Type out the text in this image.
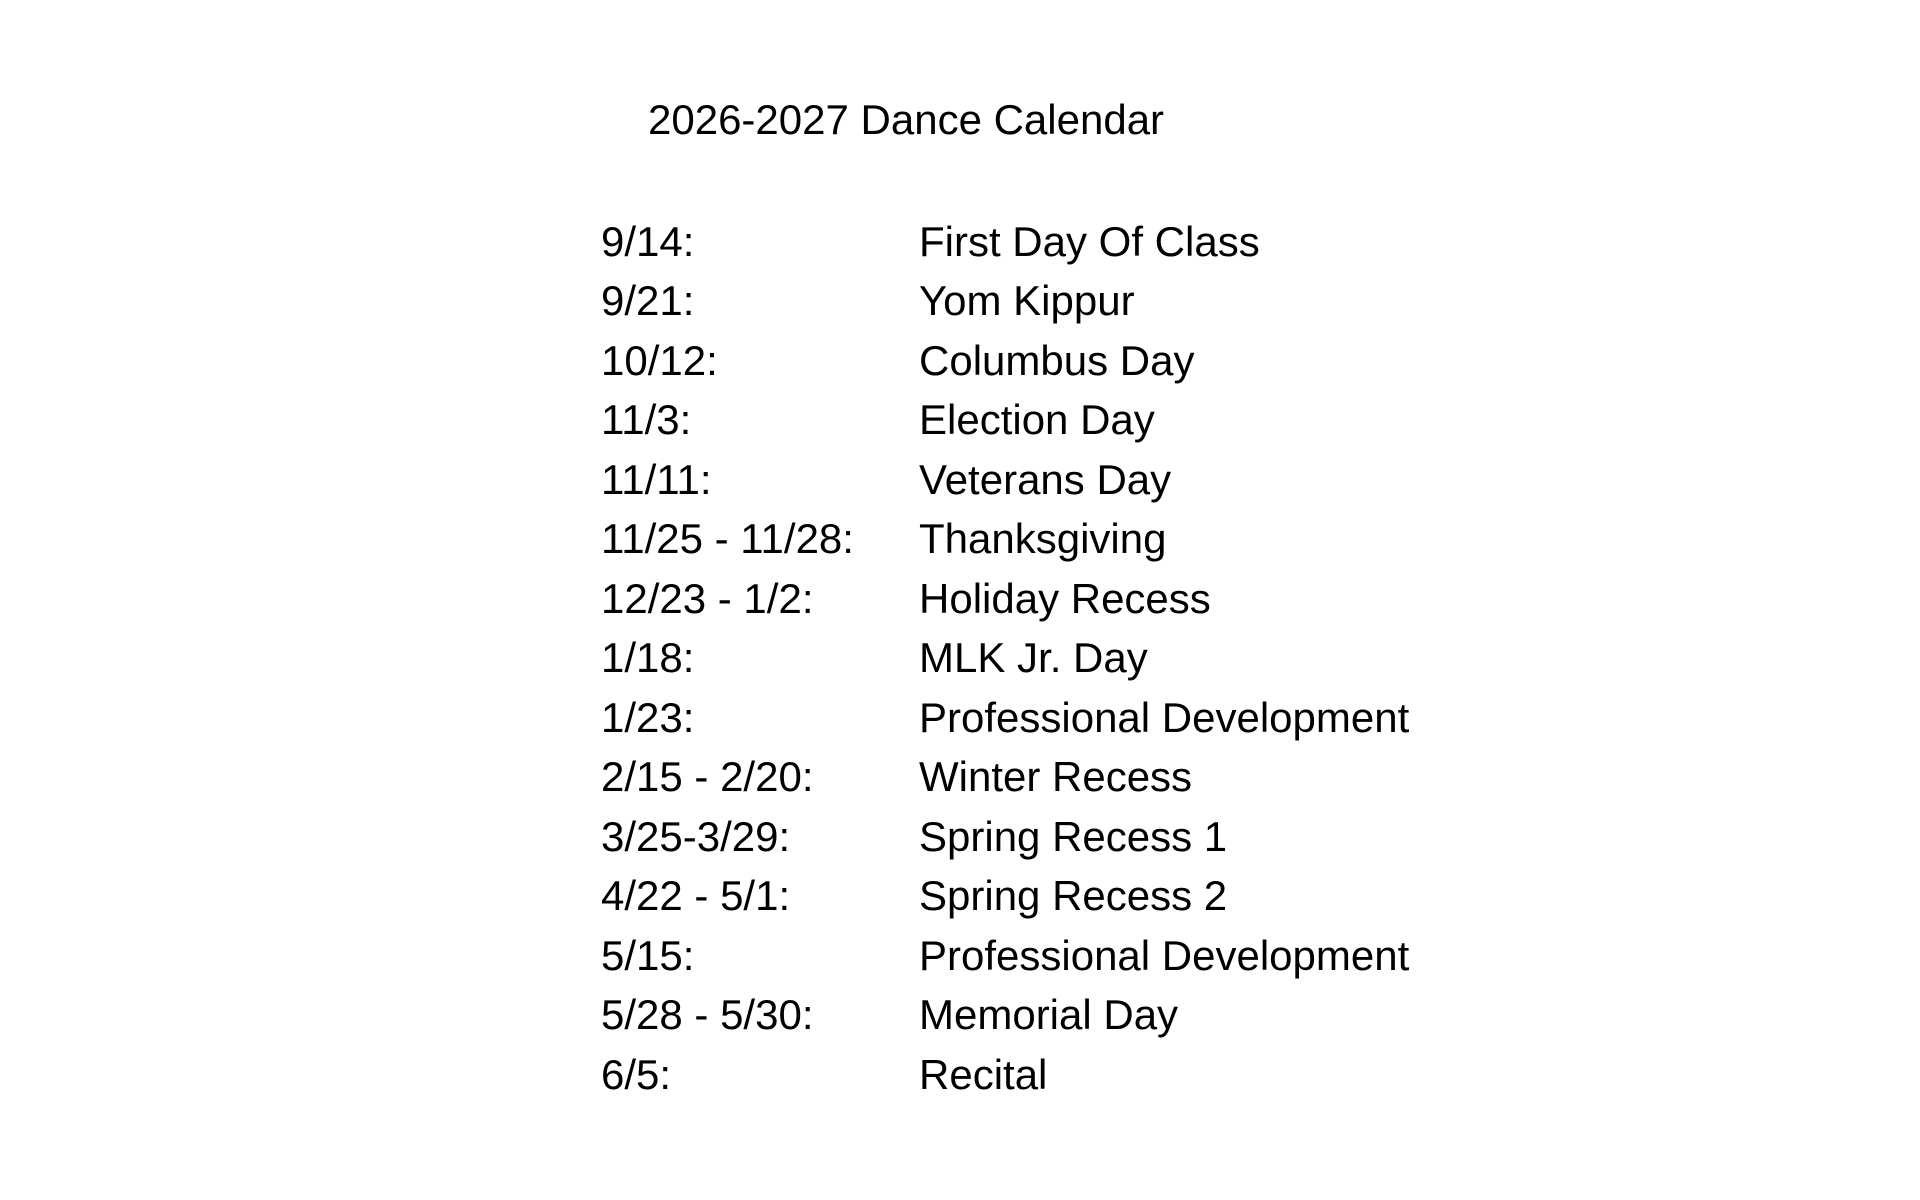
2026-2027 Dance Calendar
9/14:	First Day Of Class
9/21:	Yom Kippur
10/12:	Columbus Day
11/3:	Election Day
11/11:	Veterans Day
11/25 - 11/28:	Thanksgiving
12/23 - 1/2:	Holiday Recess
1/18:	MLK Jr. Day
1/23:	Professional Development
2/15 - 2/20:	Winter Recess
3/25-3/29:	Spring Recess 1
4/22 - 5/1:	Spring Recess 2
5/15:	Professional Development
5/28 - 5/30:	Memorial Day
6/5:	Recital
